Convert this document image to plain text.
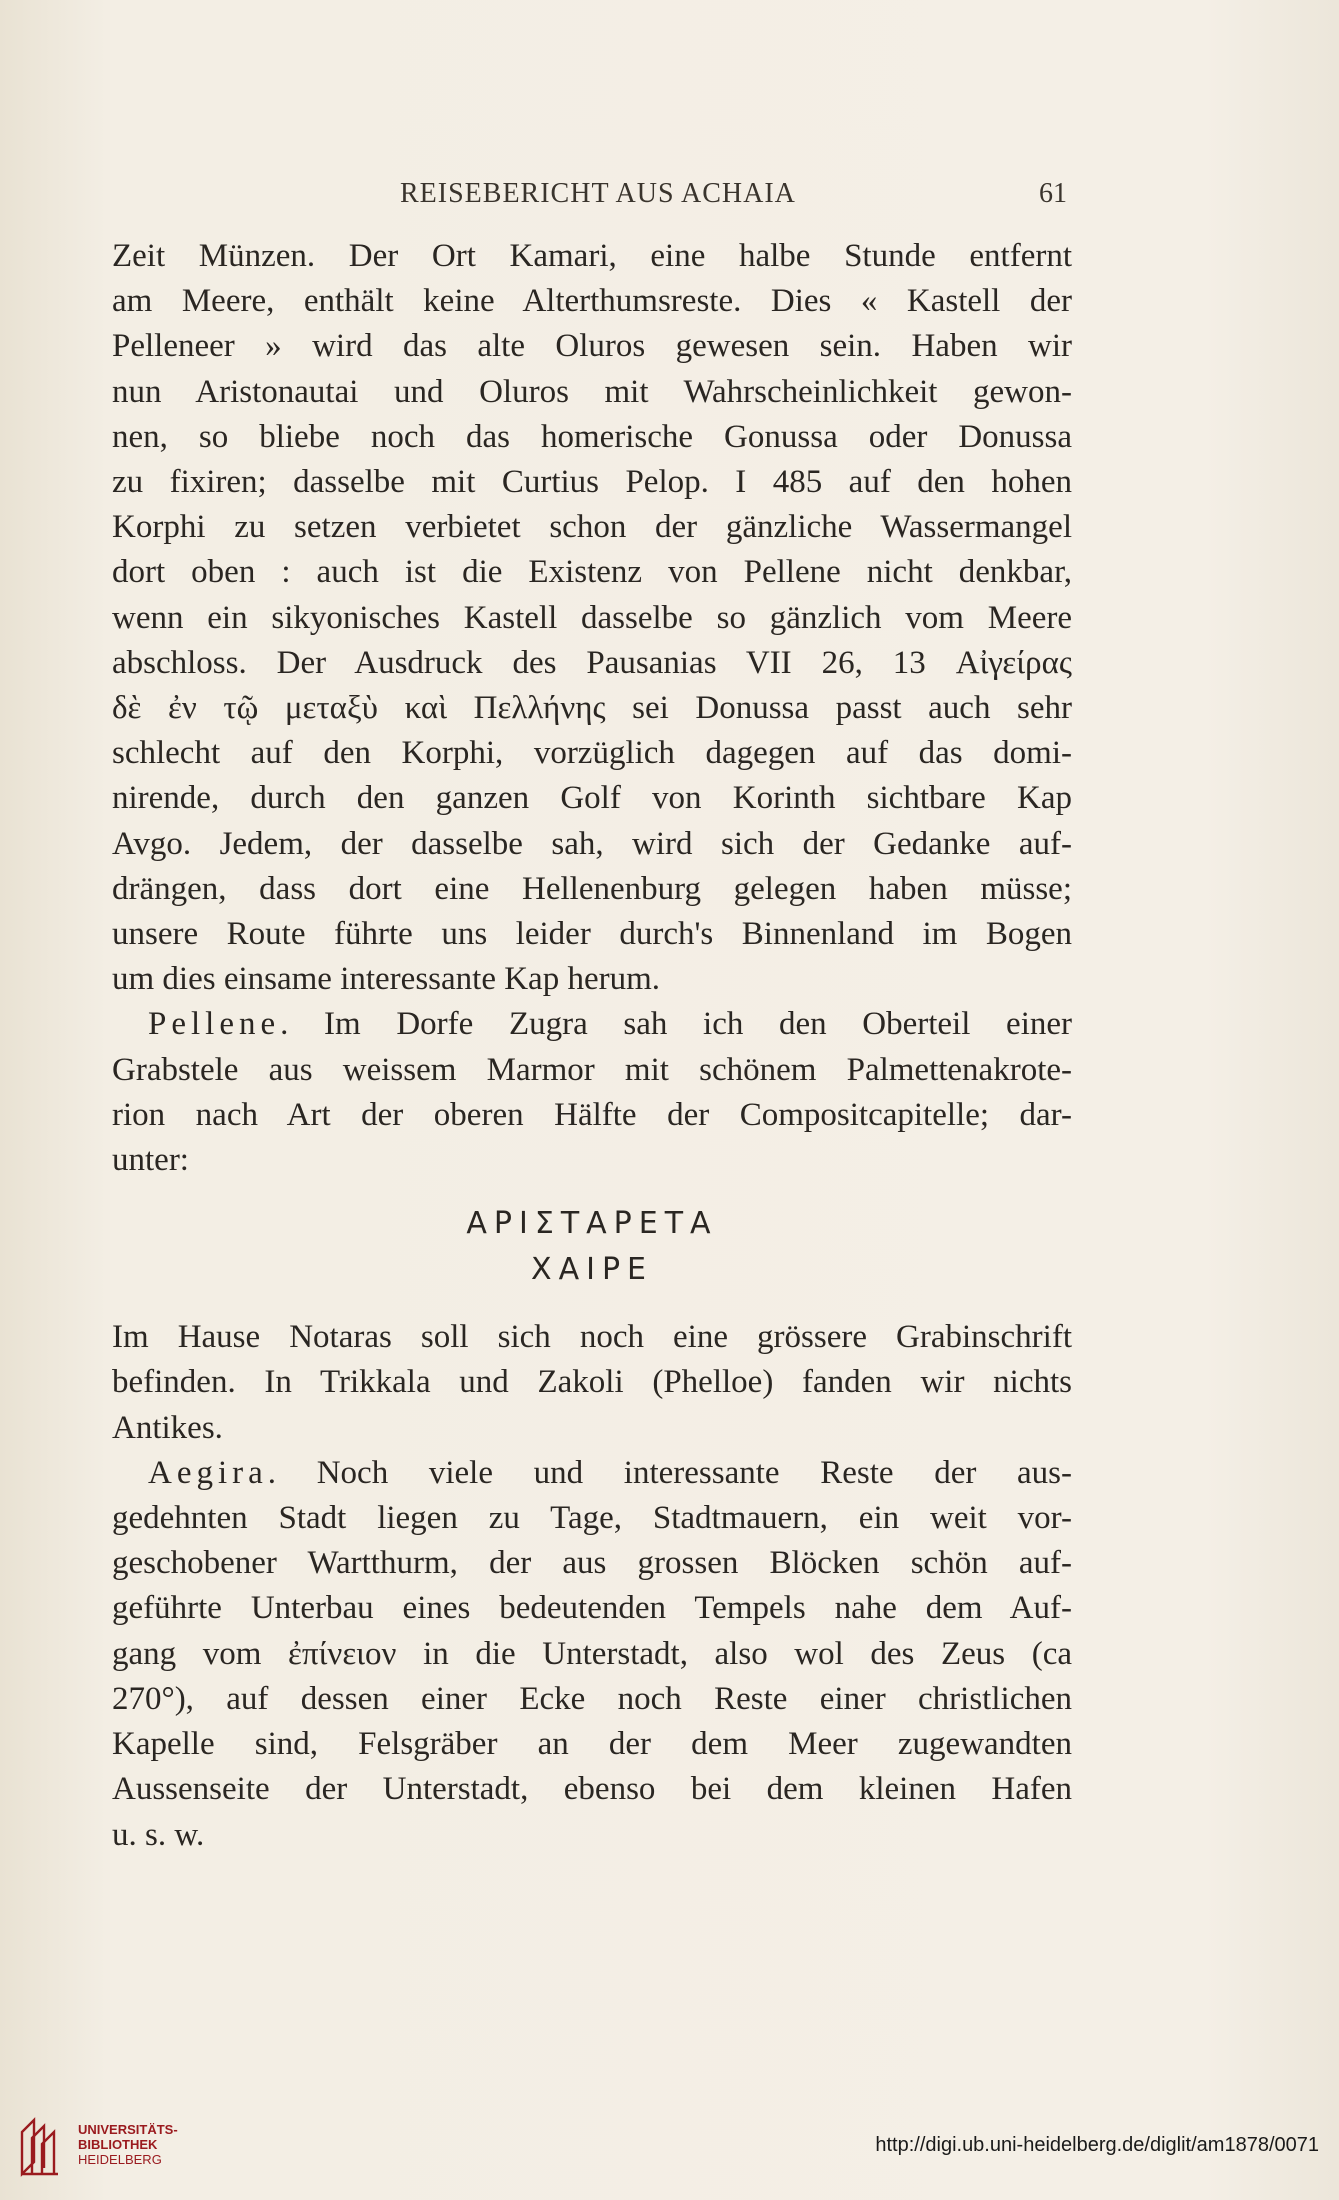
REISEBERICHT AUS ACHAIA	61
Zeit Münzen. Der Ort Kamari, eine halbe Stunde entfernt
am Meere, enthält keine Alterthumsreste. Dies « Kastell der
Pelleneer » wird das alte Oluros gewesen sein. Haben wir
nun Aristonautai und Oluros mit Wahrscheinlichkeit gewon-
nen, so bliebe noch das homerische Gonussa oder Donussa
zu fixiren; dasselbe mit Curtius Pelop. I 485 auf den hohen
Korphi zu setzen verbietet schon der gänzliche Wassermangel
dort oben : auch ist die Existenz von Pellene nicht denkbar,
wenn ein sikyonisches Kastell dasselbe so gänzlich vom Meere
abschloss. Der Ausdruck des Pausanias VII 26, 13 Αἰγείρας
δὲ ἐν τῷ μεταξὺ καὶ Πελλήνης sei Donussa passt auch sehr
schlecht auf den Korphi, vorzüglich dagegen auf das domi-
nirende, durch den ganzen Golf von Korinth sichtbare Kap
Avgo. Jedem, der dasselbe sah, wird sich der Gedanke auf-
drängen, dass dort eine Hellenenburg gelegen haben müsse;
unsere Route führte uns leider durch's Binnenland im Bogen
um dies einsame interessante Kap herum.
Pellene. Im Dorfe Zugra sah ich den Oberteil einer
Grabstele aus weissem Marmor mit schönem Palmettenakrote-
rion nach Art der oberen Hälfte der Compositcapitelle; dar-
unter:
ΑΡΙΣΤΑΡΕΤΑ
ΧΑΙΡΕ
Im Hause Notaras soll sich noch eine grössere Grabinschrift
befinden. In Trikkala und Zakoli (Phelloe) fanden wir nichts
Antikes.
Aegira. Noch viele und interessante Reste der aus-
gedehnten Stadt liegen zu Tage, Stadtmauern, ein weit vor-
geschobener Wartthurm, der aus grossen Blöcken schön auf-
geführte Unterbau eines bedeutenden Tempels nahe dem Auf-
gang vom ἐπίνειον in die Unterstadt, also wol des Zeus (ca
270°), auf dessen einer Ecke noch Reste einer christlichen
Kapelle sind, Felsgräber an der dem Meer zugewandten
Aussenseite der Unterstadt, ebenso bei dem kleinen Hafen
u. s. w.
UNIVERSITÄTS-
BIBLIOTHEK
HEIDELBERG
http://digi.ub.uni-heidelberg.de/diglit/am1878/0071
